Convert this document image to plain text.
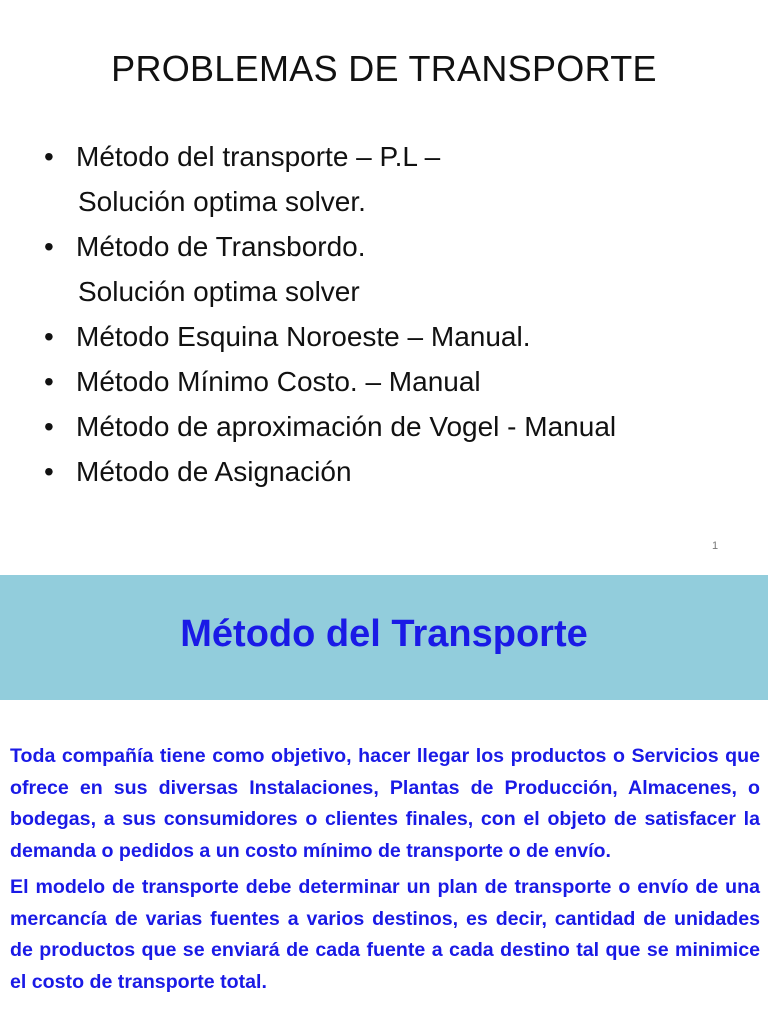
PROBLEMAS DE TRANSPORTE
• Método del transporte – P.L –
Solución optima solver.
• Método de Transbordo.
Solución optima solver
• Método Esquina Noroeste – Manual.
• Método Mínimo Costo. – Manual
• Método de aproximación de Vogel - Manual
• Método de Asignación
1
Método del Transporte

Toda compañía tiene como objetivo, hacer llegar los productos o Servicios que ofrece en sus diversas Instalaciones, Plantas de Producción, Almacenes, o bodegas, a sus consumidores o clientes finales, con el objeto de satisfacer la demanda o pedidos a un costo mínimo de transporte o de envío.

El modelo de transporte debe determinar un plan de transporte o envío de una mercancía de varias fuentes a varios destinos, es decir, cantidad de unidades de productos que se enviará de cada fuente a cada destino tal que se minimice el costo de transporte total.
